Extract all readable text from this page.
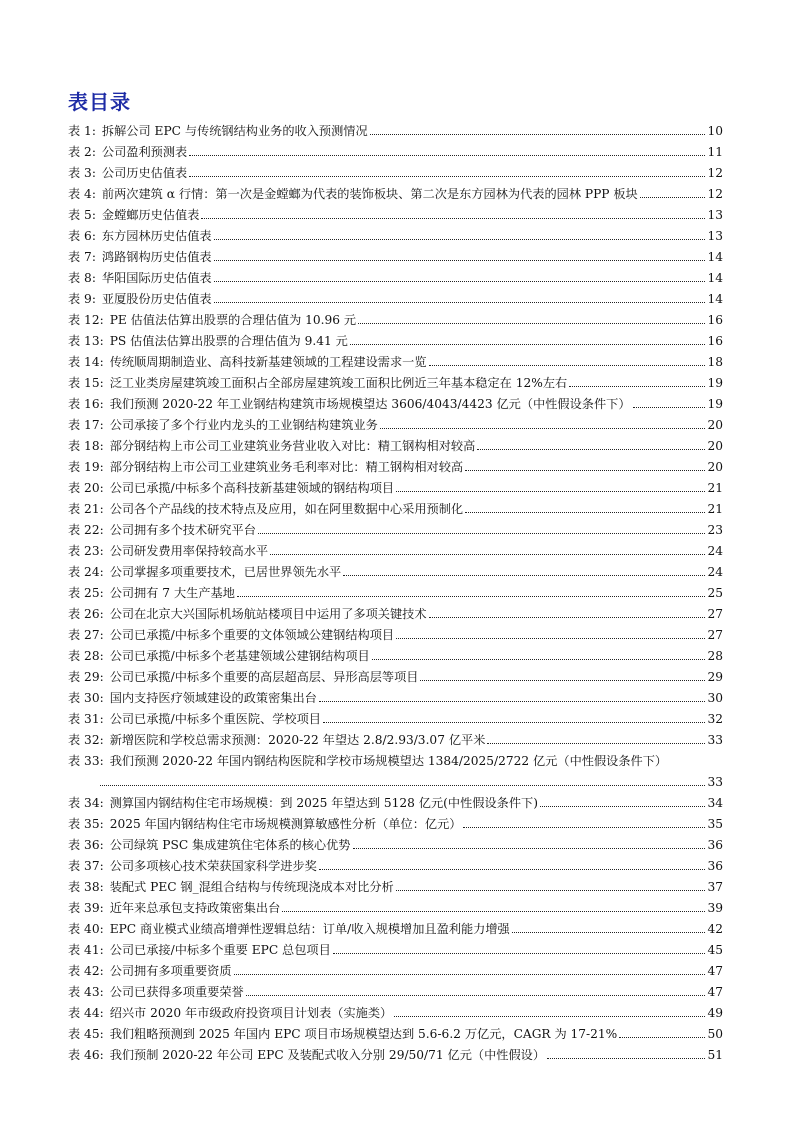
表目录
表 1: 拆解公司 EPC 与传统钢结构业务的收入预测情况	10
表 2: 公司盈利预测表	11
表 3: 公司历史估值表	12
表 4: 前两次建筑 α 行情：第一次是金螳螂为代表的装饰板块、第二次是东方园林为代表的园林 PPP 板块	12
表 5: 金螳螂历史估值表	13
表 6: 东方园林历史估值表	13
表 7: 鸿路钢构历史估值表	14
表 8: 华阳国际历史估值表	14
表 9: 亚厦股份历史估值表	14
表 12: PE 估值法估算出股票的合理估值为 10.96 元	16
表 13: PS 估值法估算出股票的合理估值为 9.41 元	16
表 14: 传统顺周期制造业、高科技新基建领域的工程建设需求一览	18
表 15: 泛工业类房屋建筑竣工面积占全部房屋建筑竣工面积比例近三年基本稳定在 12%左右	19
表 16: 我们预测 2020-22 年工业钢结构建筑市场规模望达 3606/4043/4423 亿元（中性假设条件下）	19
表 17: 公司承接了多个行业内龙头的工业钢结构建筑业务	20
表 18: 部分钢结构上市公司工业建筑业务营业收入对比：精工钢构相对较高	20
表 19: 部分钢结构上市公司工业建筑业务毛利率对比：精工钢构相对较高	20
表 20: 公司已承揽/中标多个高科技新基建领域的钢结构项目	21
表 21: 公司各个产品线的技术特点及应用，如在阿里数据中心采用预制化	21
表 22: 公司拥有多个技术研究平台	23
表 23: 公司研发费用率保持较高水平	24
表 24: 公司掌握多项重要技术，已居世界领先水平	24
表 25: 公司拥有 7 大生产基地	25
表 26: 公司在北京大兴国际机场航站楼项目中运用了多项关键技术	27
表 27: 公司已承揽/中标多个重要的文体领域公建钢结构项目	27
表 28: 公司已承揽/中标多个老基建领域公建钢结构项目	28
表 29: 公司已承揽/中标多个重要的高层超高层、异形高层等项目	29
表 30: 国内支持医疗领域建设的政策密集出台	30
表 31: 公司已承揽/中标多个重医院、学校项目	32
表 32: 新增医院和学校总需求预测：2020-22 年望达 2.8/2.93/3.07 亿平米	33
表 33: 我们预测 2020-22 年国内钢结构医院和学校市场规模望达 1384/2025/2722 亿元（中性假设条件下）
33
表 34: 测算国内钢结构住宅市场规模：到 2025 年望达到 5128 亿元(中性假设条件下)	34
表 35: 2025 年国内钢结构住宅市场规模测算敏感性分析（单位：亿元）	35
表 36: 公司绿筑 PSC 集成建筑住宅体系的核心优势	36
表 37: 公司多项核心技术荣获国家科学进步奖	36
表 38: 装配式 PEC 钢_混组合结构与传统现浇成本对比分析	37
表 39: 近年来总承包支持政策密集出台	39
表 40: EPC 商业模式业绩高增弹性逻辑总结：订单/收入规模增加且盈利能力增强	42
表 41: 公司已承接/中标多个重要 EPC 总包项目	45
表 42: 公司拥有多项重要资质	47
表 43: 公司已获得多项重要荣誉	47
表 44: 绍兴市 2020 年市级政府投资项目计划表（实施类）	49
表 45: 我们粗略预测到 2025 年国内 EPC 项目市场规模望达到 5.6-6.2 万亿元，CAGR 为 17-21%	50
表 46: 我们预制 2020-22 年公司 EPC 及装配式收入分别 29/50/71 亿元（中性假设）	51
